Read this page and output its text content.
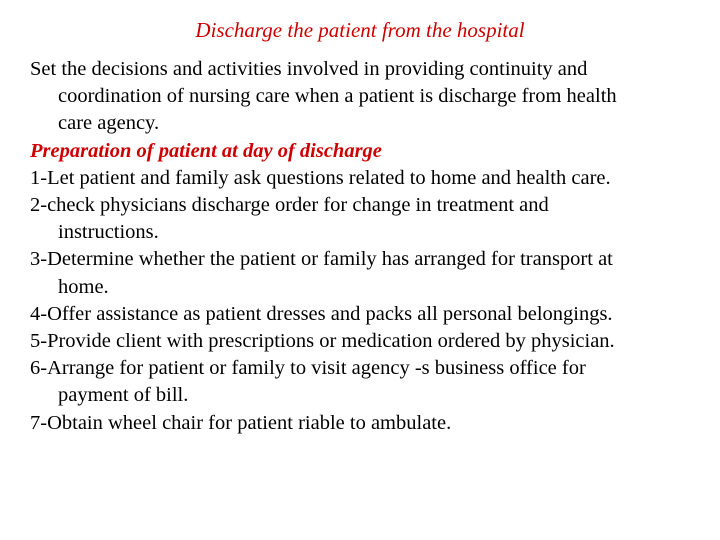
Discharge the patient from the hospital

Set the decisions and activities involved in providing continuity and
coordination of nursing care when a patient is discharge from health
care agency.

Preparation of patient at day of discharge

1-Let patient and family ask questions related to home and health care.

2-check physicians discharge order for change in treatment and
instructions.

3-Determine whether the patient or family has arranged for transport at
home.

4-Offer assistance as patient dresses and packs all personal belongings.

5-Provide client with prescriptions or medication ordered by physician.

6-Arrange for patient or family to visit agency -s business office for
payment of bill.

7-Obtain wheel chair for patient riable to ambulate.
